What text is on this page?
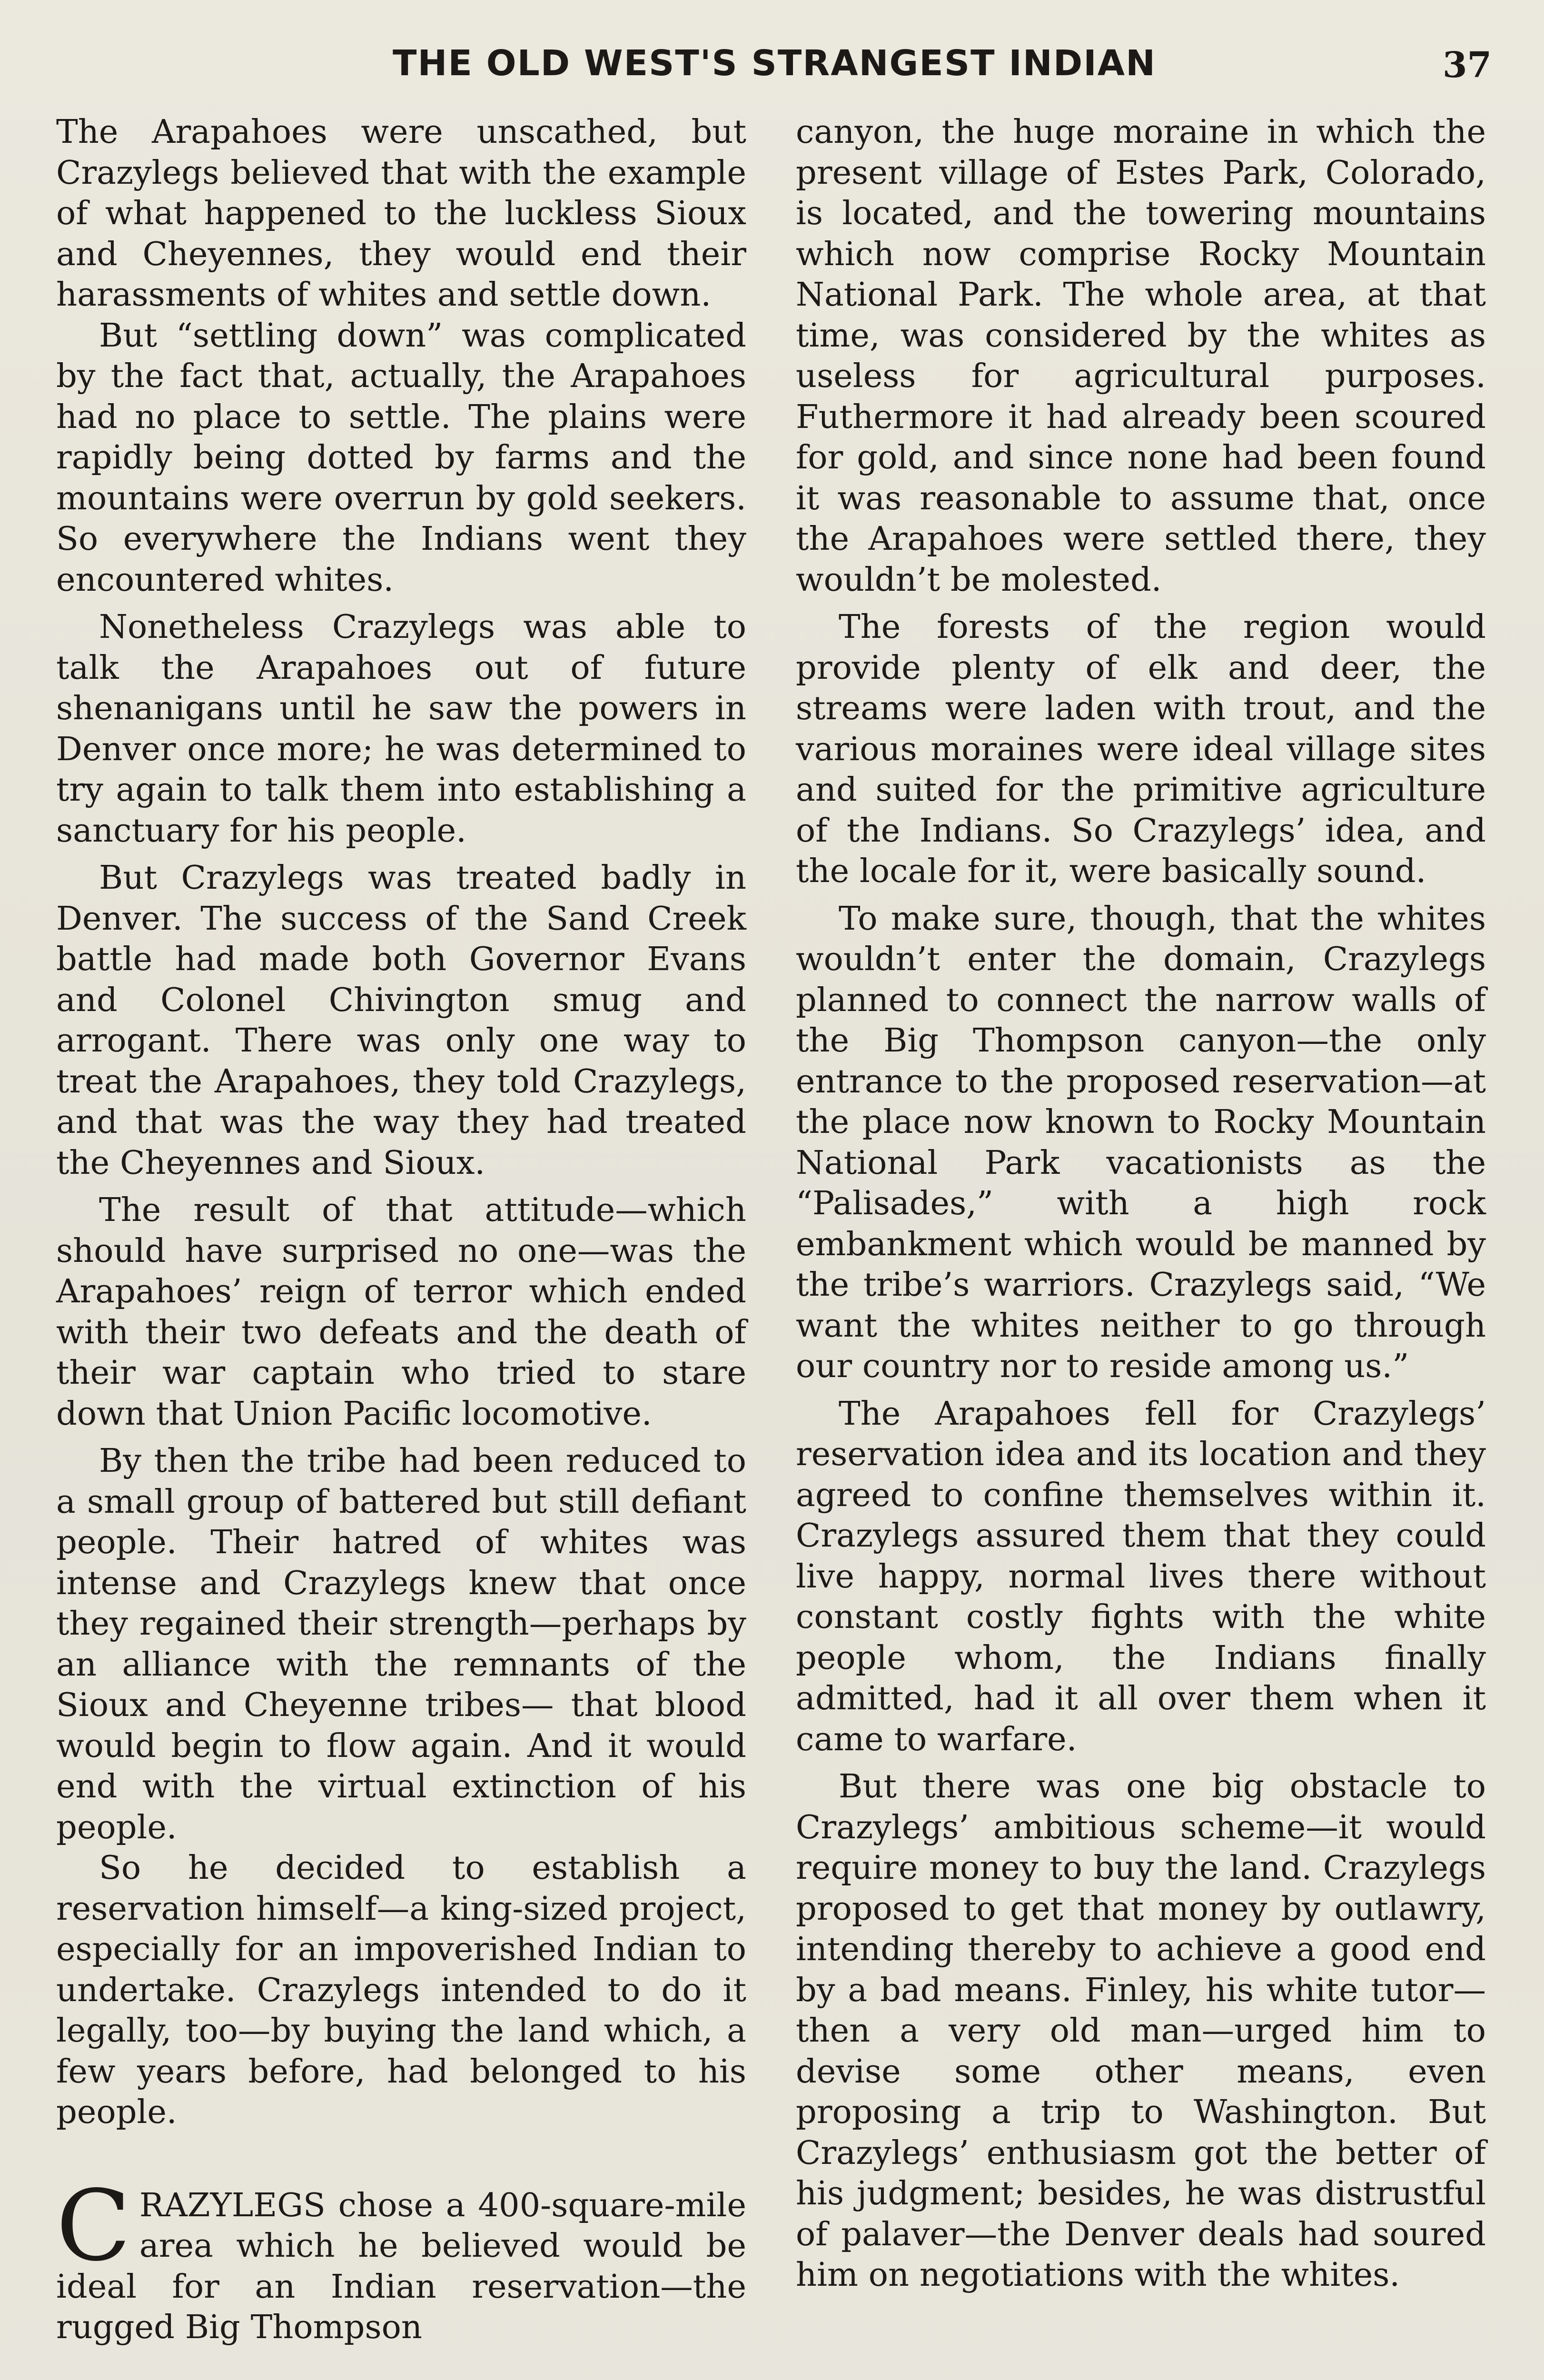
THE OLD WEST'S STRANGEST INDIAN	37

The Arapahoes were unscathed, but Crazylegs believed that with the example of what happened to the luckless Sioux and Cheyennes, they would end their harassments of whites and settle down.

But “settling down” was complicated by the fact that, actually, the Arapahoes had no place to settle. The plains were rapidly being dotted by farms and the mountains were overrun by gold seekers. So everywhere the Indians went they encountered whites.

Nonetheless Crazylegs was able to talk the Arapahoes out of future shenanigans until he saw the powers in Denver once more; he was determined to try again to talk them into establishing a sanctuary for his people.

But Crazylegs was treated badly in Denver. The success of the Sand Creek battle had made both Governor Evans and Colonel Chivington smug and arrogant. There was only one way to treat the Arapahoes, they told Crazylegs, and that was the way they had treated the Cheyennes and Sioux.

The result of that attitude—which should have surprised no one—was the Arapahoes’ reign of terror which ended with their two defeats and the death of their war captain who tried to stare down that Union Pacific locomotive.

By then the tribe had been reduced to a small group of battered but still defiant people. Their hatred of whites was intense and Crazylegs knew that once they regained their strength—perhaps by an alliance with the remnants of the Sioux and Cheyenne tribes— that blood would begin to flow again. And it would end with the virtual extinction of his people.

So he decided to establish a reservation himself—a king-sized project, especially for an impoverished Indian to undertake. Crazylegs intended to do it legally, too—by buying the land which, a few years before, had belonged to his people.

CRAZYLEGS chose a 400-square-mile area which he believed would be ideal for an Indian reservation—the rugged Big Thompson

canyon, the huge moraine in which the present village of Estes Park, Colorado, is located, and the towering mountains which now comprise Rocky Mountain National Park. The whole area, at that time, was considered by the whites as useless for agricultural purposes. Futhermore it had already been scoured for gold, and since none had been found it was reasonable to assume that, once the Arapahoes were settled there, they wouldn’t be molested.

The forests of the region would provide plenty of elk and deer, the streams were laden with trout, and the various moraines were ideal village sites and suited for the primitive agriculture of the Indians. So Crazylegs’ idea, and the locale for it, were basically sound.

To make sure, though, that the whites wouldn’t enter the domain, Crazylegs planned to connect the narrow walls of the Big Thompson canyon—the only entrance to the proposed reservation—at the place now known to Rocky Mountain National Park vacationists as the “Palisades,” with a high rock embankment which would be manned by the tribe’s warriors. Crazylegs said, “We want the whites neither to go through our country nor to reside among us.”

The Arapahoes fell for Crazylegs’ reservation idea and its location and they agreed to confine themselves within it. Crazylegs assured them that they could live happy, normal lives there without constant costly fights with the white people whom, the Indians finally admitted, had it all over them when it came to warfare.

But there was one big obstacle to Crazylegs’ ambitious scheme—it would require money to buy the land. Crazylegs proposed to get that money by outlawry, intending thereby to achieve a good end by a bad means. Finley, his white tutor—then a very old man—urged him to devise some other means, even proposing a trip to Washington. But Crazylegs’ enthusiasm got the better of his judgment; besides, he was distrustful of palaver—the Denver deals had soured him on negotiations with the whites.
